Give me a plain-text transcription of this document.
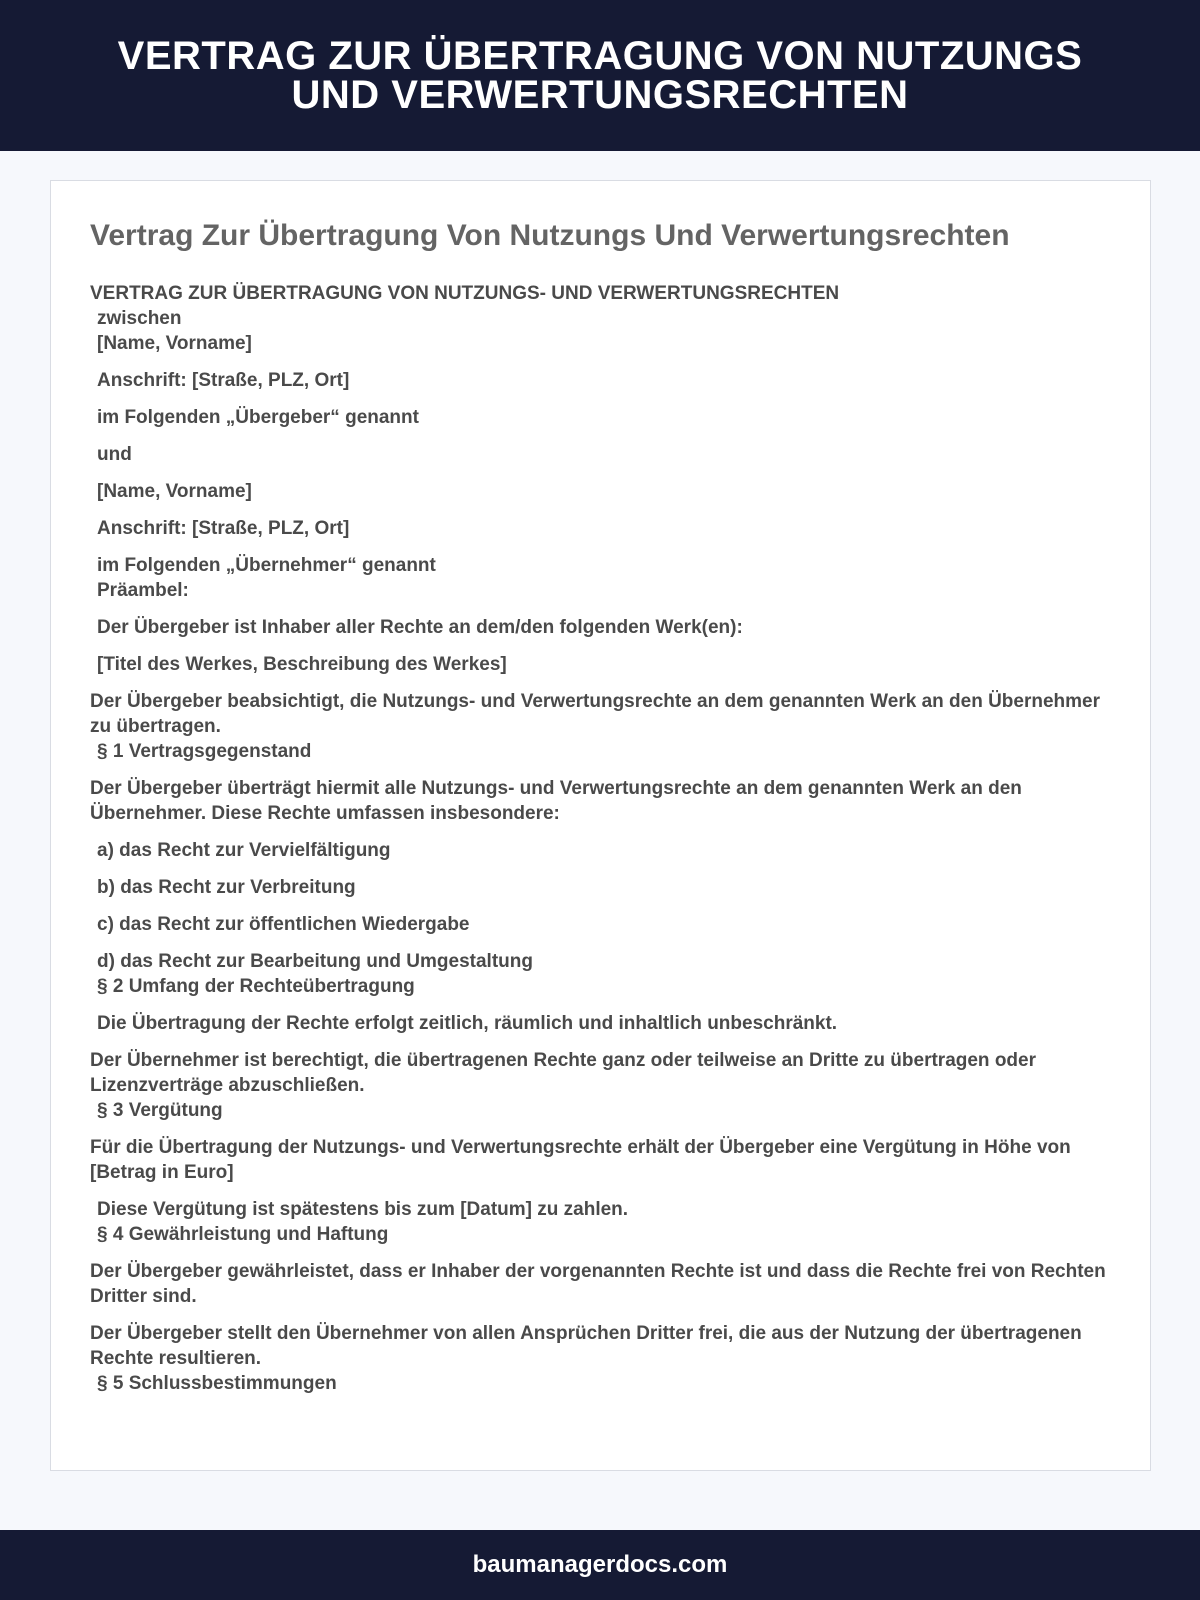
VERTRAG ZUR ÜBERTRAGUNG VON NUTZUNGS UND VERWERTUNGSRECHTEN
Vertrag Zur Übertragung Von Nutzungs Und Verwertungsrechten
VERTRAG ZUR ÜBERTRAGUNG VON NUTZUNGS- UND VERWERTUNGSRECHTEN
zwischen
[Name, Vorname]
Anschrift: [Straße, PLZ, Ort]
im Folgenden „Übergeber“ genannt
und
[Name, Vorname]
Anschrift: [Straße, PLZ, Ort]
im Folgenden „Übernehmer“ genannt
Präambel:
Der Übergeber ist Inhaber aller Rechte an dem/den folgenden Werk(en):
[Titel des Werkes, Beschreibung des Werkes]
Der Übergeber beabsichtigt, die Nutzungs- und Verwertungsrechte an dem genannten Werk an den Übernehmer zu übertragen.
§ 1 Vertragsgegenstand
Der Übergeber überträgt hiermit alle Nutzungs- und Verwertungsrechte an dem genannten Werk an den Übernehmer. Diese Rechte umfassen insbesondere:
a) das Recht zur Vervielfältigung
b) das Recht zur Verbreitung
c) das Recht zur öffentlichen Wiedergabe
d) das Recht zur Bearbeitung und Umgestaltung
§ 2 Umfang der Rechteübertragung
Die Übertragung der Rechte erfolgt zeitlich, räumlich und inhaltlich unbeschränkt.
Der Übernehmer ist berechtigt, die übertragenen Rechte ganz oder teilweise an Dritte zu übertragen oder Lizenzverträge abzuschließen.
§ 3 Vergütung
Für die Übertragung der Nutzungs- und Verwertungsrechte erhält der Übergeber eine Vergütung in Höhe von [Betrag in Euro]
Diese Vergütung ist spätestens bis zum [Datum] zu zahlen.
§ 4 Gewährleistung und Haftung
Der Übergeber gewährleistet, dass er Inhaber der vorgenannten Rechte ist und dass die Rechte frei von Rechten Dritter sind.
Der Übergeber stellt den Übernehmer von allen Ansprüchen Dritter frei, die aus der Nutzung der übertragenen Rechte resultieren.
§ 5 Schlussbestimmungen
baumanagerdocs.com
